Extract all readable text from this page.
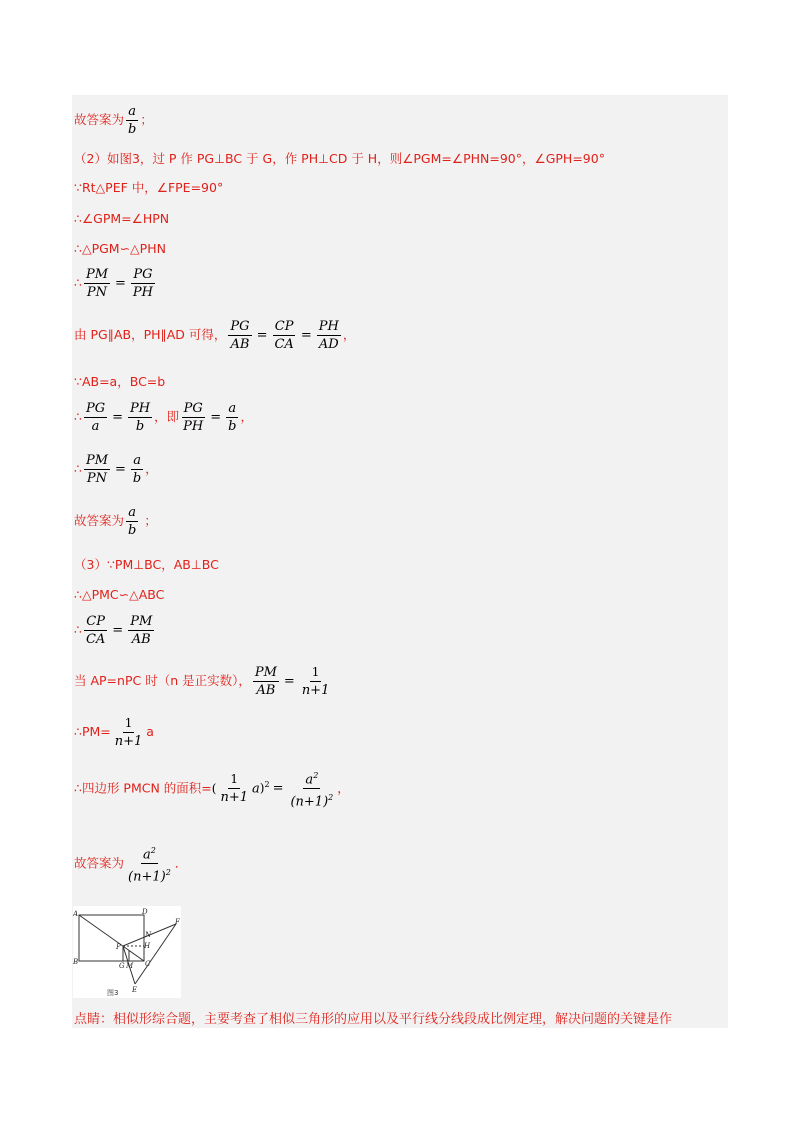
故答案为 $\frac{a}{b}$ ；
（2）如图3，过 P 作 PG⊥BC 于 G，作 PH⊥CD 于 H，则∠PGM=∠PHN=90°，∠GPH=90°
∵Rt△PEF 中，∠FPE=90°
∴∠GPM=∠HPN
∴△PGM∽△PHN
∴ $\frac{PM}{PN} = \frac{PG}{PH}$
由 PG∥AB，PH∥AD 可得， $\frac{PG}{AB} = \frac{CP}{CA} = \frac{PH}{AD}$ ，
∵AB=a，BC=b
∴ $\frac{PG}{a} = \frac{PH}{b}$ ，即 $\frac{PG}{PH} = \frac{a}{b}$ ，
∴ $\frac{PM}{PN} = \frac{a}{b}$ ，
故答案为 $\frac{a}{b}$ ；
（3）∵PM⊥BC，AB⊥BC
∴△PMC∽△ABC
∴ $\frac{CP}{CA} = \frac{PM}{AB}$
当 AP=nPC 时（n 是正实数）， $\frac{PM}{AB} = \frac{1}{n+1}$
∴PM= $\frac{1}{n+1}$ a
∴四边形 PMCN 的面积=( $\frac{1}{n+1} a)^2 = \frac{a^2}{(n+1)^2}$ ，
故答案为 $\frac{a^2}{(n+1)^2}$ ．
A	D
B	C
P
N
H
G M
E
F
图3
点睛：相似形综合题，主要考查了相似三角形的应用以及平行线分线段成比例定理，解决问题的关键是作
